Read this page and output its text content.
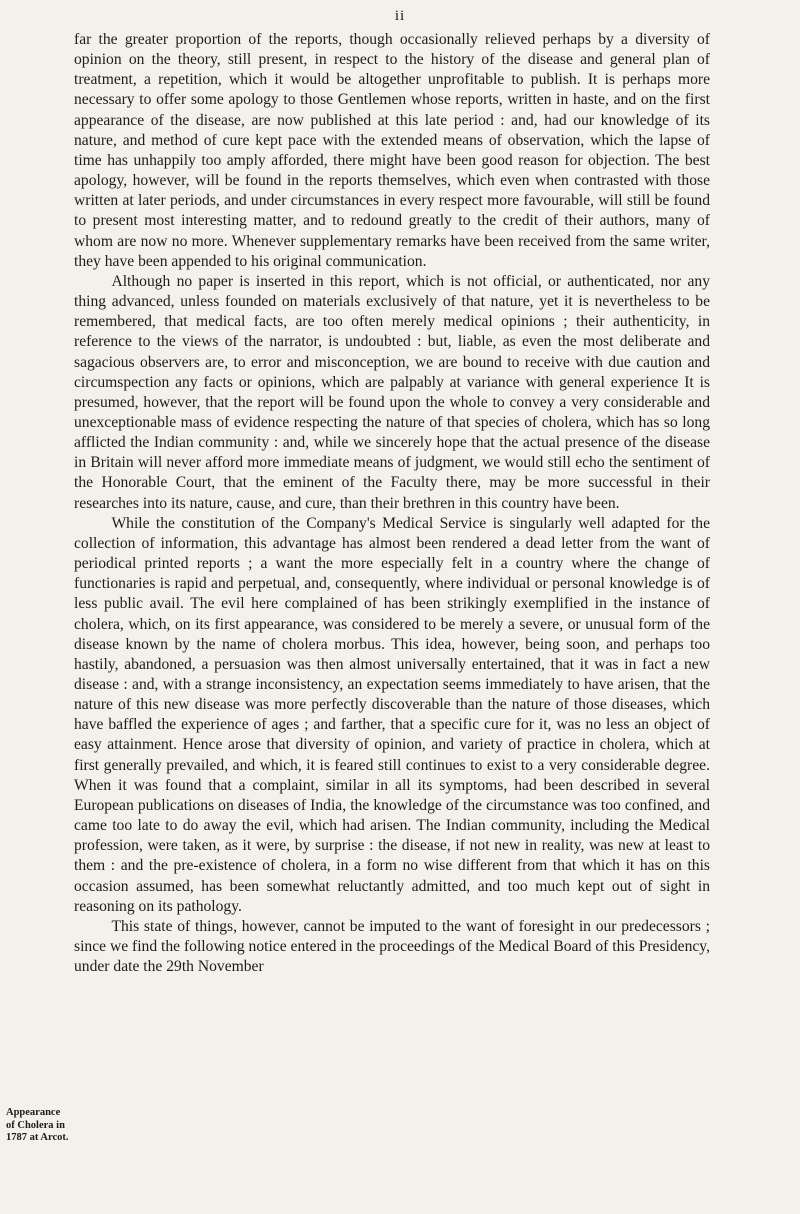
ii

far the greater proportion of the reports, though occasionally relieved perhaps by a diversity of opinion on the theory, still present, in respect to the history of the disease and general plan of treatment, a repetition, which it would be altogether unprofitable to publish. It is perhaps more necessary to offer some apology to those Gentlemen whose reports, written in haste, and on the first appearance of the disease, are now published at this late period : and, had our knowledge of its nature, and method of cure kept pace with the extended means of observation, which the lapse of time has unhappily too amply afforded, there might have been good reason for objection. The best apology, however, will be found in the reports themselves, which even when contrasted with those written at later periods, and under circumstances in every respect more favourable, will still be found to present most interesting matter, and to redound greatly to the credit of their authors, many of whom are now no more. Whenever supplementary remarks have been received from the same writer, they have been appended to his original communication.

Although no paper is inserted in this report, which is not official, or authenticated, nor any thing advanced, unless founded on materials exclusively of that nature, yet it is nevertheless to be remembered, that medical facts, are too often merely medical opinions ; their authenticity, in reference to the views of the narrator, is undoubted : but, liable, as even the most deliberate and sagacious observers are, to error and misconception, we are bound to receive with due caution and circumspection any facts or opinions, which are palpably at variance with general experience It is presumed, however, that the report will be found upon the whole to convey a very considerable and unexceptionable mass of evidence respecting the nature of that species of cholera, which has so long afflicted the Indian community : and, while we sincerely hope that the actual presence of the disease in Britain will never afford more immediate means of judgment, we would still echo the sentiment of the Honorable Court, that the eminent of the Faculty there, may be more successful in their researches into its nature, cause, and cure, than their brethren in this country have been.

While the constitution of the Company's Medical Service is singularly well adapted for the collection of information, this advantage has almost been rendered a dead letter from the want of periodical printed reports ; a want the more especially felt in a country where the change of functionaries is rapid and perpetual, and, consequently, where individual or personal knowledge is of less public avail. The evil here complained of has been strikingly exemplified in the instance of cholera, which, on its first appearance, was considered to be merely a severe, or unusual form of the disease known by the name of cholera morbus. This idea, however, being soon, and perhaps too hastily, abandoned, a persuasion was then almost universally entertained, that it was in fact a new disease : and, with a strange inconsistency, an expectation seems immediately to have arisen, that the nature of this new disease was more perfectly discoverable than the nature of those diseases, which have baffled the experience of ages ; and farther, that a specific cure for it, was no less an object of easy attainment. Hence arose that diversity of opinion, and variety of practice in cholera, which at first generally prevailed, and which, it is feared still continues to exist to a very considerable degree. When it was found that a complaint, similar in all its symptoms, had been described in several European publications on diseases of India, the knowledge of the circumstance was too confined, and came too late to do away the evil, which had arisen. The Indian community, including the Medical profession, were taken, as it were, by surprise : the disease, if not new in reality, was new at least to them : and the pre-existence of cholera, in a form no wise different from that which it has on this occasion assumed, has been somewhat reluctantly admitted, and too much kept out of sight in reasoning on its pathology.

This state of things, however, cannot be imputed to the want of foresight in our predecessors ; since we find the following notice entered in the proceedings of the Medical Board of this Presidency, under date the 29th November

Appearance of Cholera in 1787 at Arcot.
